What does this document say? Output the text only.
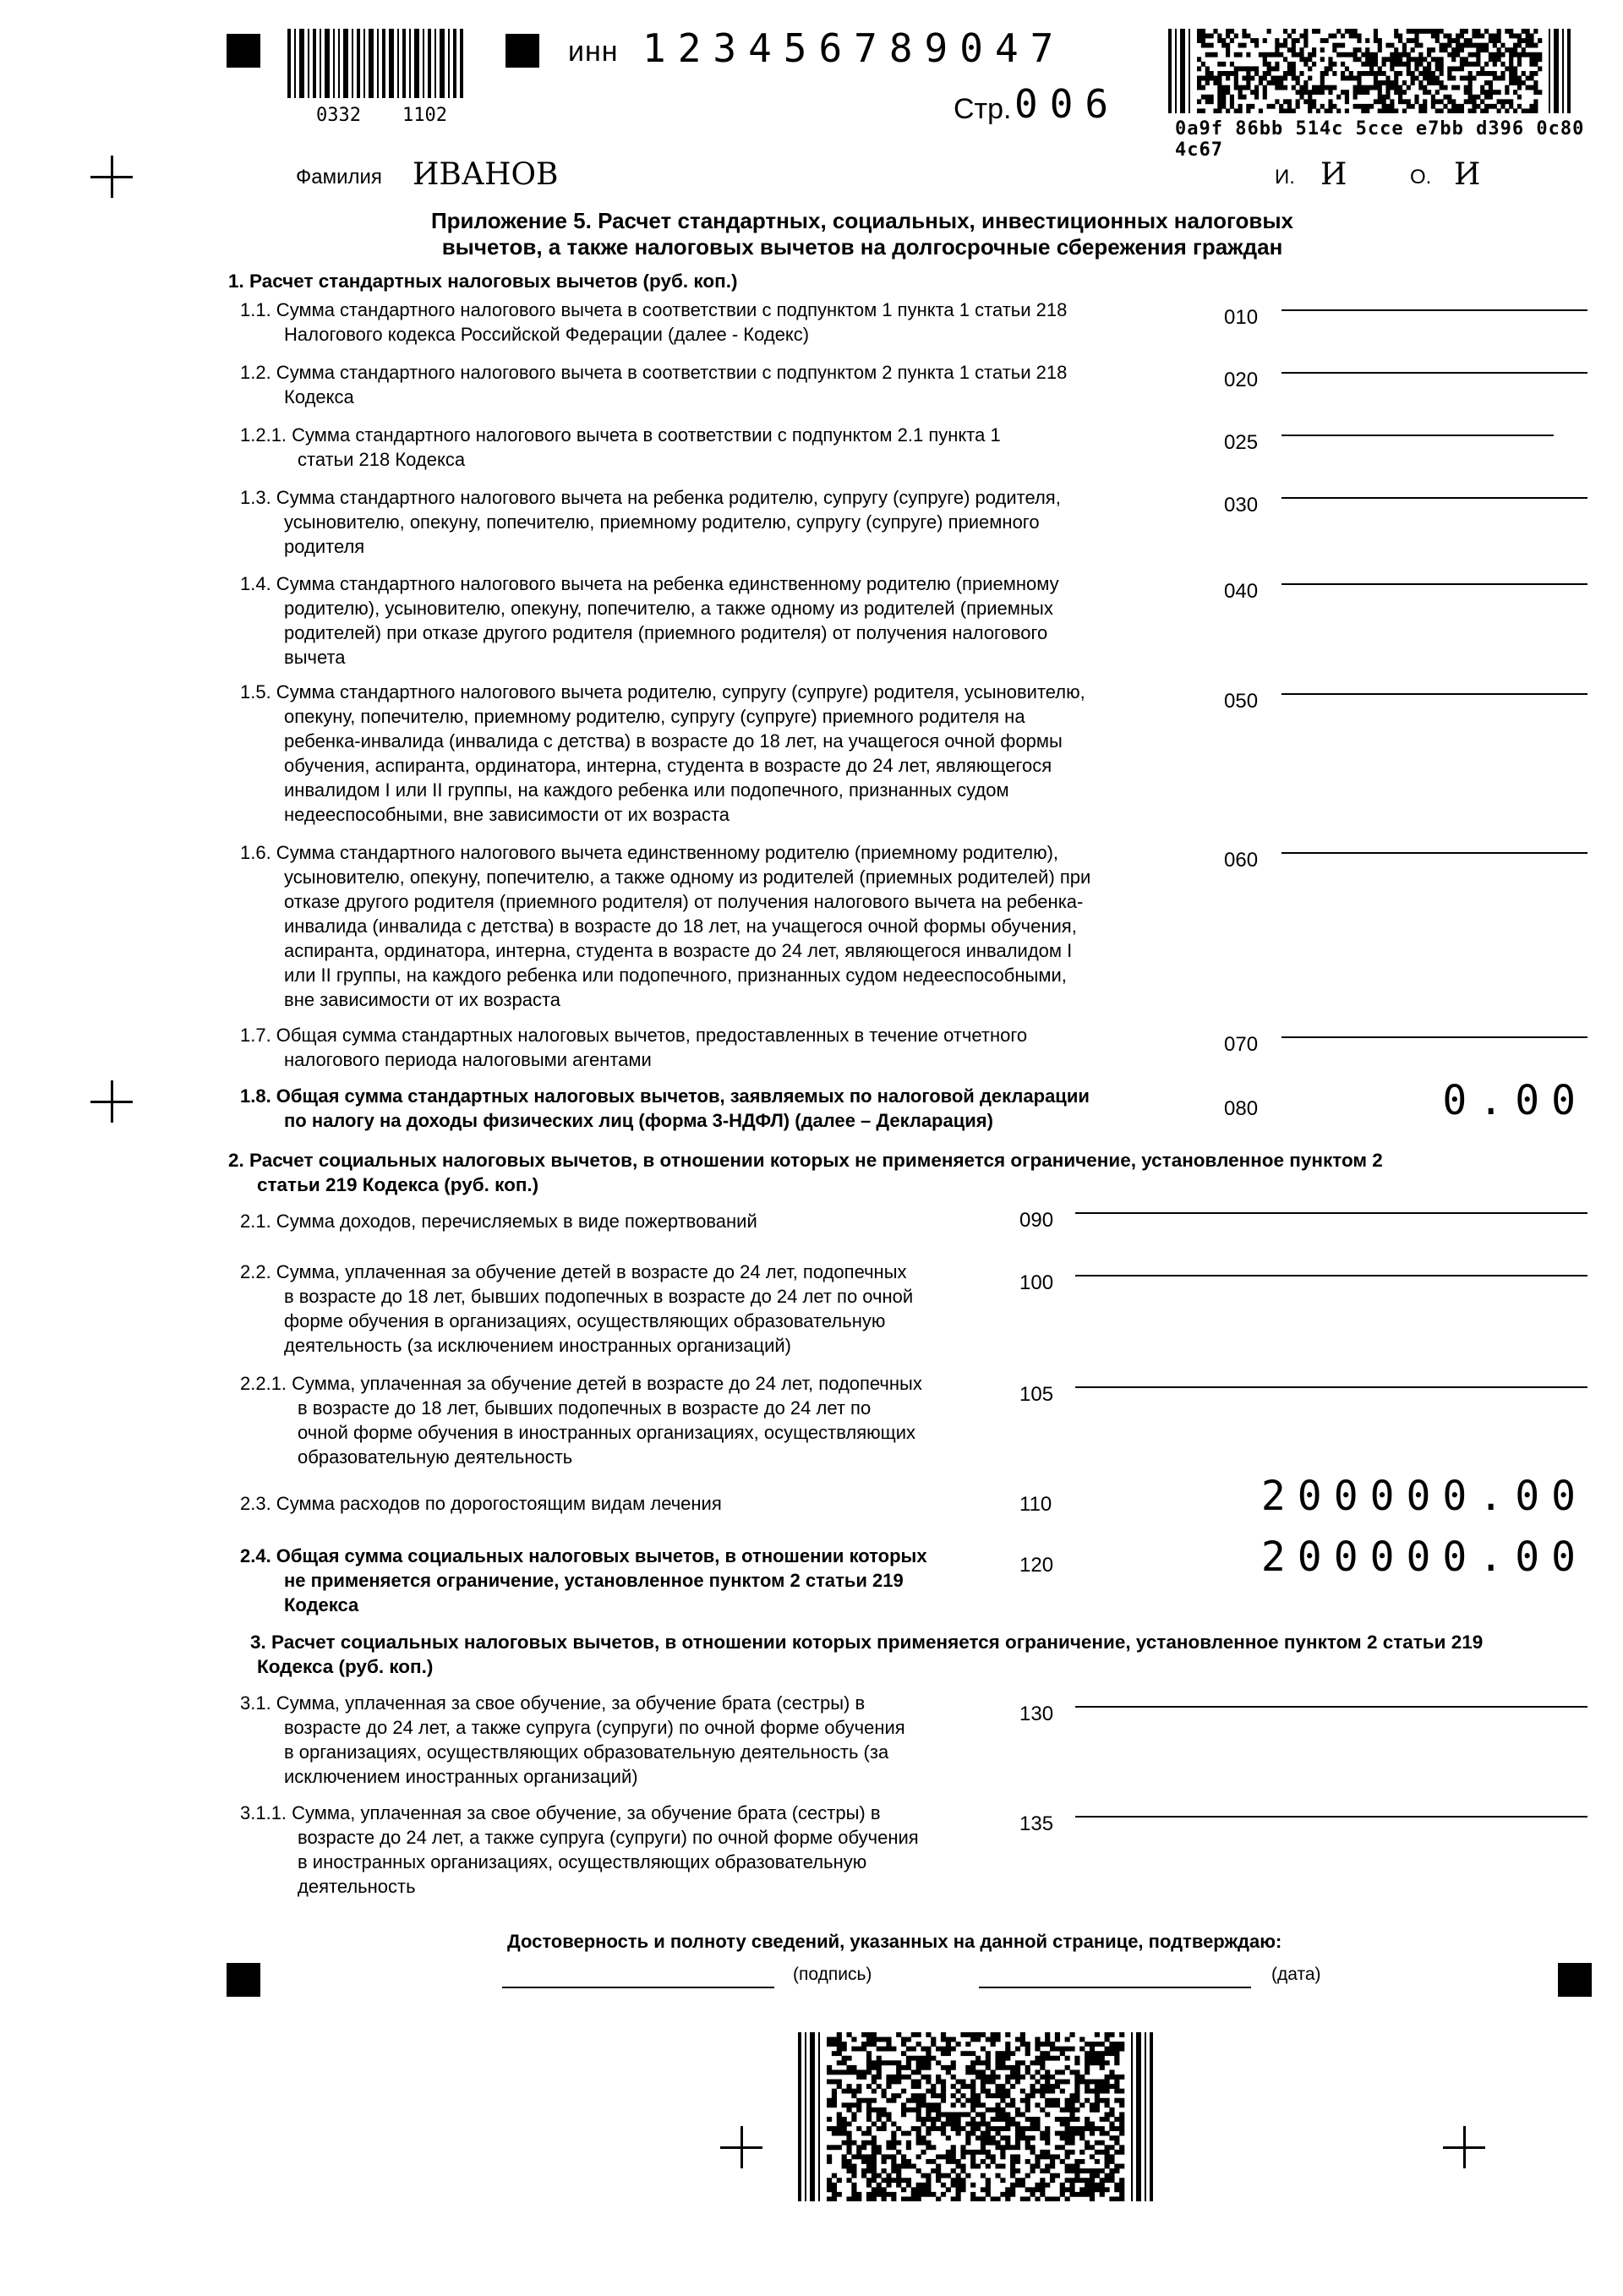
0332 1102
инн 123456789047
Стр. 006
0a9f 86bb 514c 5cce e7bb d396 0c80 4c67
Фамилия ИВАНОВ	И. И	О. И
Приложение 5. Расчет стандартных, социальных, инвестиционных налоговых
вычетов, а также налоговых вычетов на долгосрочные сбережения граждан
1. Расчет стандартных налоговых вычетов (руб. коп.)
1.1. Сумма стандартного налогового вычета в соответствии с подпунктом 1 пункта 1 статьи 218
Налогового кодекса Российской Федерации (далее - Кодекс)
010
1.2. Сумма стандартного налогового вычета в соответствии с подпунктом 2 пункта 1 статьи 218
Кодекса
020
1.2.1. Сумма стандартного налогового вычета в соответствии с подпунктом 2.1 пункта 1
статьи 218 Кодекса
025
1.3. Сумма стандартного налогового вычета на ребенка родителю, супругу (супруге) родителя,
усыновителю, опекуну, попечителю, приемному родителю, супругу (супруге) приемного
родителя
030
1.4. Сумма стандартного налогового вычета на ребенка единственному родителю (приемному
родителю), усыновителю, опекуну, попечителю, а также одному из родителей (приемных
родителей) при отказе другого родителя (приемного родителя) от получения налогового
вычета
040
1.5. Сумма стандартного налогового вычета родителю, супругу (супруге) родителя, усыновителю,
опекуну, попечителю, приемному родителю, супругу (супруге) приемного родителя на
ребенка-инвалида (инвалида с детства) в возрасте до 18 лет, на учащегося очной формы
обучения, аспиранта, ординатора, интерна, студента в возрасте до 24 лет, являющегося
инвалидом I или II группы, на каждого ребенка или подопечного, признанных судом
недееспособными, вне зависимости от их возраста
050
1.6. Сумма стандартного налогового вычета единственному родителю (приемному родителю),
усыновителю, опекуну, попечителю, а также одному из родителей (приемных родителей) при
отказе другого родителя (приемного родителя) от получения налогового вычета на ребенка-
инвалида (инвалида с детства) в возрасте до 18 лет, на учащегося очной формы обучения,
аспиранта, ординатора, интерна, студента в возрасте до 24 лет, являющегося инвалидом I
или II группы, на каждого ребенка или подопечного, признанных судом недееспособными,
вне зависимости от их возраста
060
1.7. Общая сумма стандартных налоговых вычетов, предоставленных в течение отчетного
налогового периода налоговыми агентами
070
1.8. Общая сумма стандартных налоговых вычетов, заявляемых по налоговой декларации
по налогу на доходы физических лиц (форма 3-НДФЛ) (далее – Декларация)
080	0.00
2. Расчет социальных налоговых вычетов, в отношении которых не применяется ограничение, установленное пунктом 2
статьи 219 Кодекса (руб. коп.)
2.1. Сумма доходов, перечисляемых в виде пожертвований	090
2.2. Сумма, уплаченная за обучение детей в возрасте до 24 лет, подопечных
в возрасте до 18 лет, бывших подопечных в возрасте до 24 лет по очной
форме обучения в организациях, осуществляющих образовательную
деятельность (за исключением иностранных организаций)
100
2.2.1. Сумма, уплаченная за обучение детей в возрасте до 24 лет, подопечных
в возрасте до 18 лет, бывших подопечных в возрасте до 24 лет по
очной форме обучения в иностранных организациях, осуществляющих
образовательную деятельность
105
2.3. Сумма расходов по дорогостоящим видам лечения	110	200000.00
2.4. Общая сумма социальных налоговых вычетов, в отношении которых
не применяется ограничение, установленное пунктом 2 статьи 219
Кодекса
120	200000.00
3. Расчет социальных налоговых вычетов, в отношении которых применяется ограничение, установленное пунктом 2 статьи 219
Кодекса (руб. коп.)
3.1. Сумма, уплаченная за свое обучение, за обучение брата (сестры) в
возрасте до 24 лет, а также супруга (супруги) по очной форме обучения
в организациях, осуществляющих образовательную деятельность (за
исключением иностранных организаций)
130
3.1.1. Сумма, уплаченная за свое обучение, за обучение брата (сестры) в
возрасте до 24 лет, а также супруга (супруги) по очной форме обучения
в иностранных организациях, осуществляющих образовательную
деятельность
135
Достоверность и полноту сведений, указанных на данной странице, подтверждаю:
(подпись)	(дата)
